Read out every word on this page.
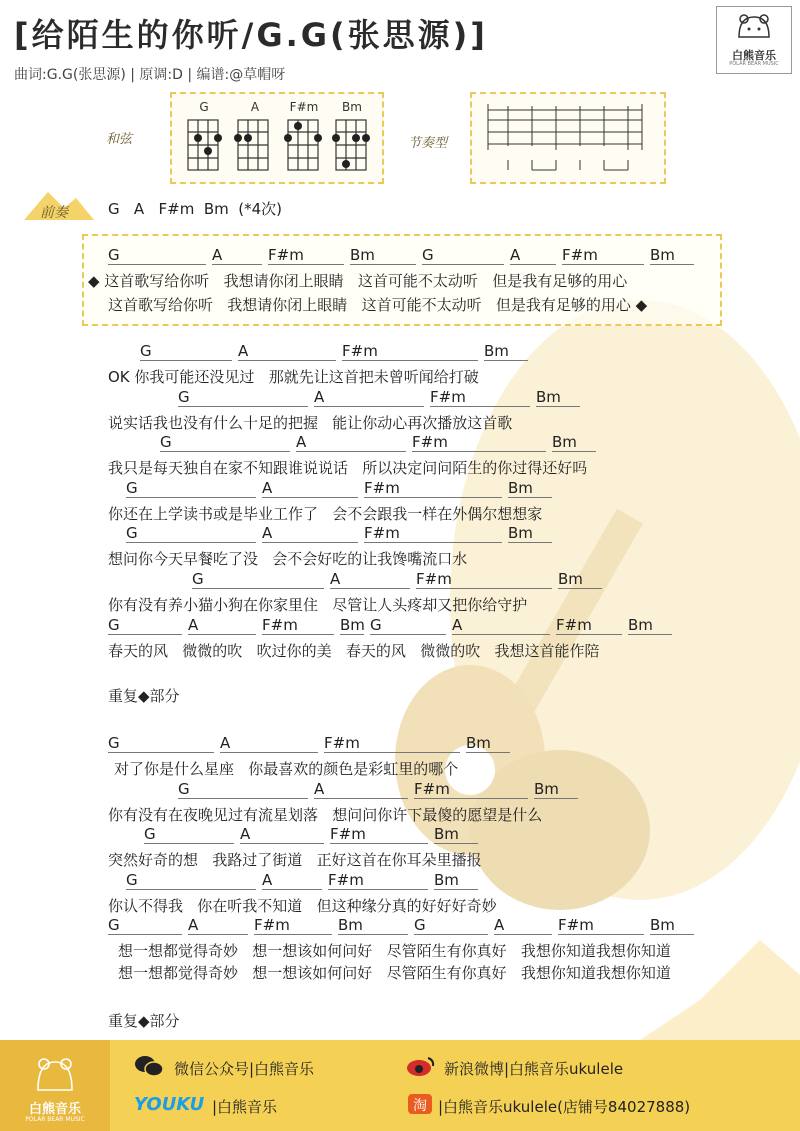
[给陌生的你听/G.G(张思源)]
曲词:G.G(张思源) | 原调:D | 编谱:@草帽呀
白熊音乐
POLAR BEAR MUSIC
和弦
G	A	F#m	Bm
节奏型
前奏	G   A   F#m  Bm  (*4次)
G	A	F#m	Bm	G	A	F#m	Bm
◆ 这首歌写给你听   我想请你闭上眼睛   这首可能不太动听   但是我有足够的用心
这首歌写给你听   我想请你闭上眼睛   这首可能不太动听   但是我有足够的用心 ◆
G	A	F#m	Bm
OK 你我可能还没见过   那就先让这首把未曾听闻给打破
G	A	F#m	Bm
说实话我也没有什么十足的把握   能让你动心再次播放这首歌
G	A	F#m	Bm
我只是每天独自在家不知跟谁说说话   所以决定问问陌生的你过得还好吗
G	A	F#m	Bm
你还在上学读书或是毕业工作了   会不会跟我一样在外偶尔想想家
G	A	F#m	Bm
想问你今天早餐吃了没   会不会好吃的让我馋嘴流口水
G	A	F#m	Bm
你有没有养小猫小狗在你家里住   尽管让人头疼却又把你给守护
G	A	F#m	Bm G	A	F#m	Bm
春天的风   微微的吹   吹过你的美   春天的风   微微的吹   我想这首能作陪
G	A	F#m	Bm
对了你是什么星座   你最喜欢的颜色是彩虹里的哪个
G	A	F#m	Bm
你有没有在夜晚见过有流星划落   想问问你许下最傻的愿望是什么
G	A	F#m	Bm
突然好奇的想   我路过了街道   正好这首在你耳朵里播报
G	A	F#m	Bm
你认不得我   你在听我不知道   但这种缘分真的好好好奇妙
G	A	F#m	Bm	G	A	F#m	Bm
想一想都觉得奇妙   想一想该如何问好   尽管陌生有你真好   我想你知道我想你知道
想一想都觉得奇妙   想一想该如何问好   尽管陌生有你真好   我想你知道我想你知道
重复◆部分
重复◆部分
白熊音乐
POLAR BEAR MUSIC
微信公众号|白熊音乐	新浪微博|白熊音乐ukulele
YOUKU |白熊音乐	淘 |白熊音乐ukulele(店铺号84027888)
